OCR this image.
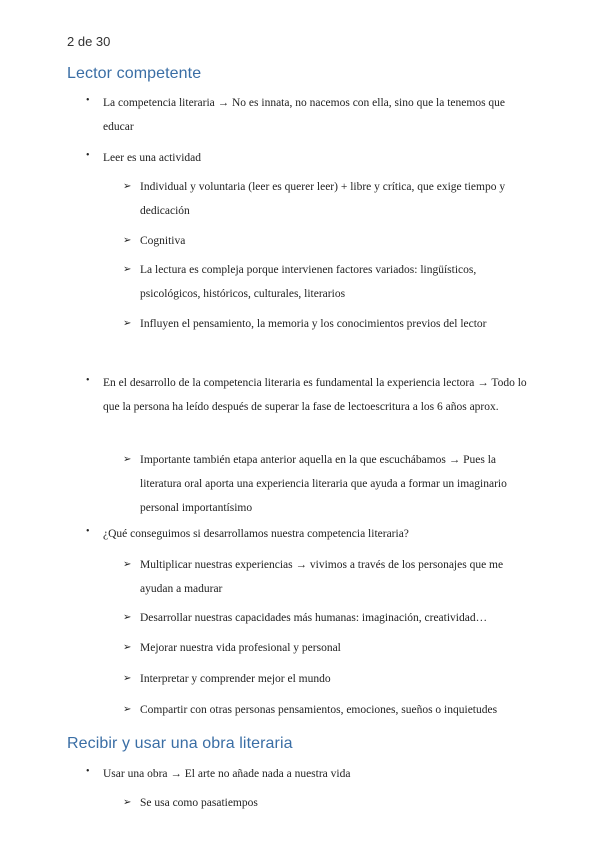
2 de 30
Lector competente
• La competencia literaria → No es innata, no nacemos con ella, sino que la tenemos que educar
• Leer es una actividad
➢ Individual y voluntaria (leer es querer leer) + libre y crítica, que exige tiempo y dedicación
➢ Cognitiva
➢ La lectura es compleja porque intervienen factores variados: lingüísticos, psicológicos, históricos, culturales, literarios
➢ Influyen el pensamiento, la memoria y los conocimientos previos del lector
• En el desarrollo de la competencia literaria es fundamental la experiencia lectora → Todo lo que la persona ha leído después de superar la fase de lectoescritura a los 6 años aprox.
➢ Importante también etapa anterior aquella en la que escuchábamos → Pues la literatura oral aporta una experiencia literaria que ayuda a formar un imaginario personal importantísimo
• ¿Qué conseguimos si desarrollamos nuestra competencia literaria?
➢ Multiplicar nuestras experiencias → vivimos a través de los personajes que me ayudan a madurar
➢ Desarrollar nuestras capacidades más humanas: imaginación, creatividad…
➢ Mejorar nuestra vida profesional y personal
➢ Interpretar y comprender mejor el mundo
➢ Compartir con otras personas pensamientos, emociones, sueños o inquietudes
Recibir y usar una obra literaria
• Usar una obra → El arte no añade nada a nuestra vida
➢ Se usa como pasatiempos
